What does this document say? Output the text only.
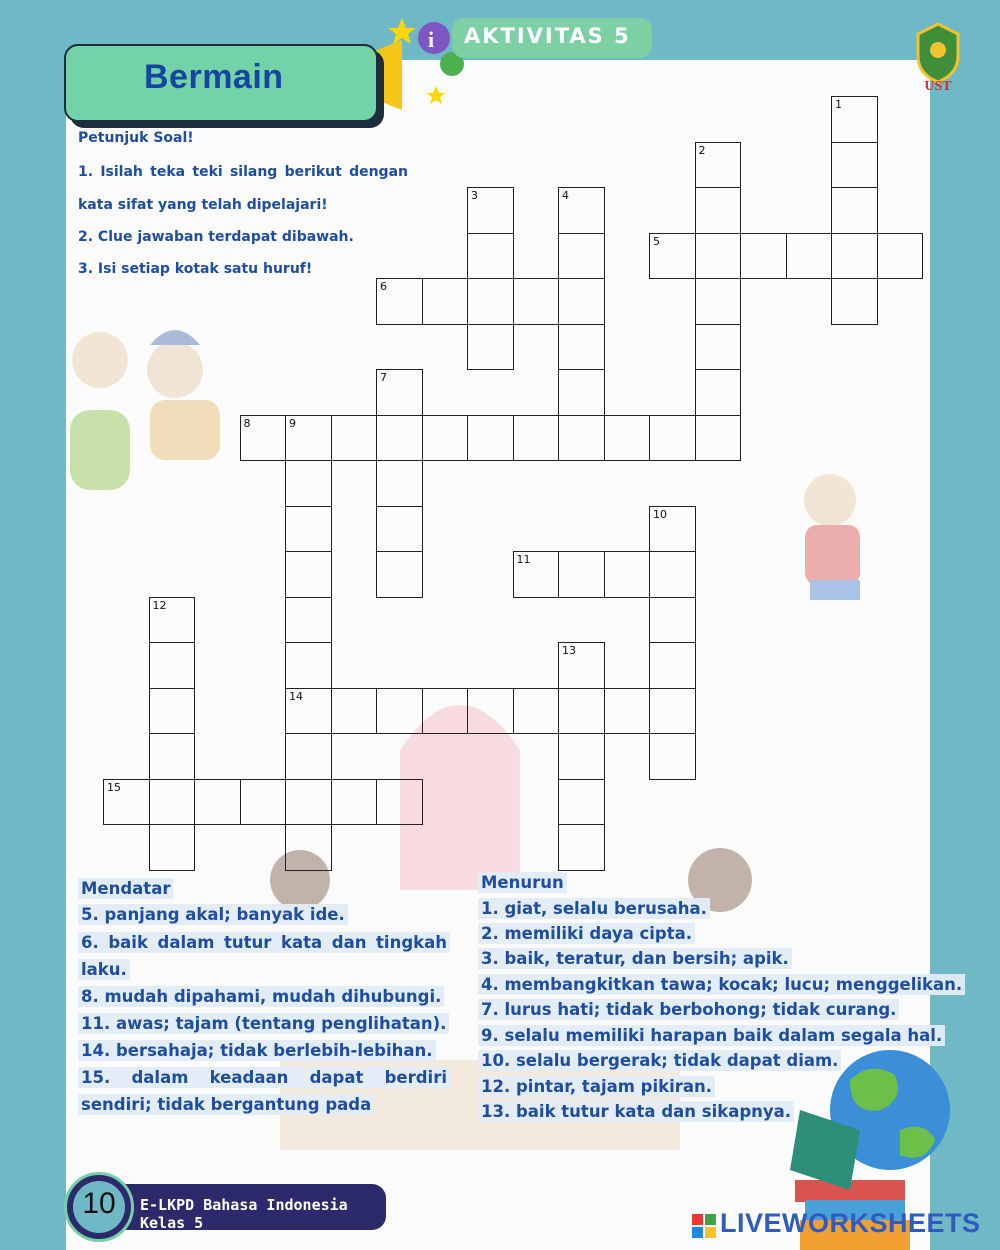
i
Bermain
AKTIVITAS 5
UST
Petunjuk Soal!
1. Isilah teka teki silang berikut dengan
kata sifat yang telah dipelajari!
2. Clue jawaban terdapat dibawah.
3. Isi setiap kotak satu huruf!
1
2
3	4
5
6
7
8	9
14
10
11
12
13
15
Mendatar
5. panjang akal; banyak ide.
6. baik dalam tutur kata dan tingkah
laku.
8. mudah dipahami, mudah dihubungi.
11. awas; tajam (tentang penglihatan).
14. bersahaja; tidak berlebih-lebihan.
15. dalam keadaan dapat berdiri
sendiri; tidak bergantung pada
Menurun
1. giat, selalu berusaha.
2. memiliki daya cipta.
3. baik, teratur, dan bersih; apik.
4. membangkitkan tawa; kocak; lucu; menggelikan.
7. lurus hati; tidak berbohong; tidak curang.
9. selalu memiliki harapan baik dalam segala hal.
10. selalu bergerak; tidak dapat diam.
12. pintar, tajam pikiran.
13. baik tutur kata dan sikapnya.
E-LKPD Bahasa Indonesia Kelas 5
10
LIVEWORKSHEETS
